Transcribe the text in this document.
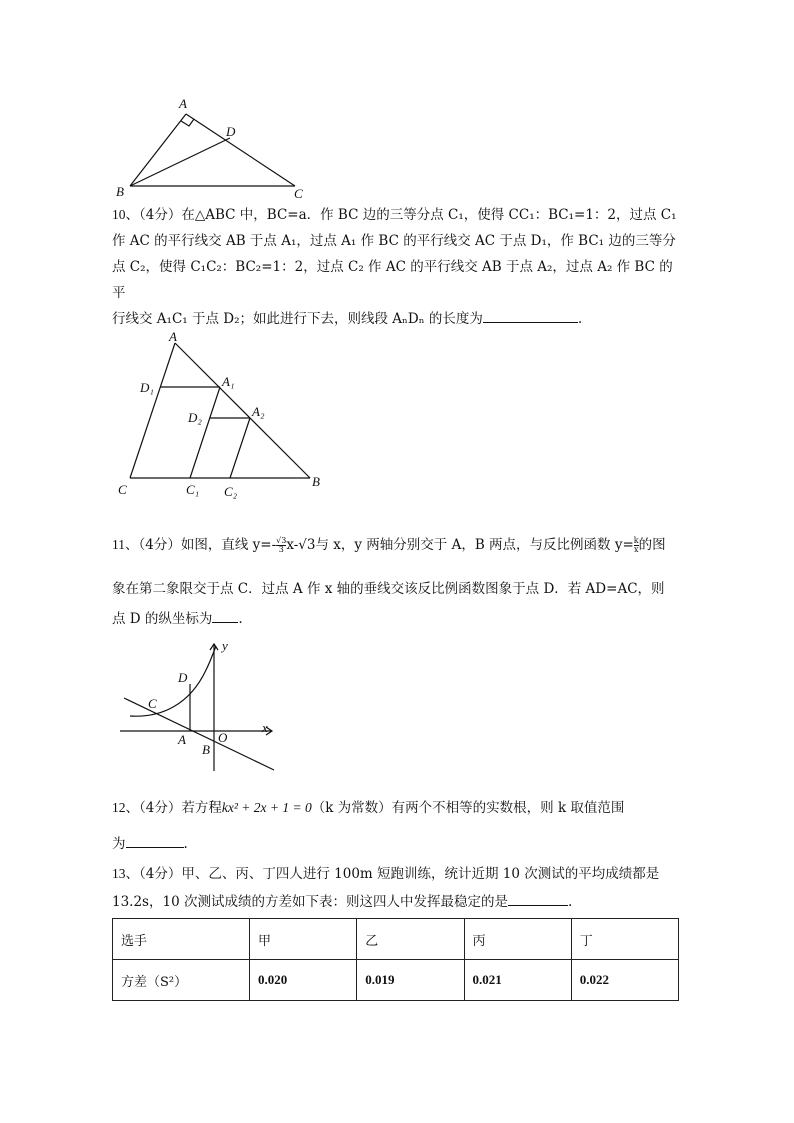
A
B	C
D
10、（4分）在△ABC 中，BC=a．作 BC 边的三等分点 C₁，使得 CC₁：BC₁=1：2，过点 C₁
作 AC 的平行线交 AB 于点 A₁，过点 A₁ 作 BC 的平行线交 AC 于点 D₁，作 BC₁ 边的三等分
点 C₂，使得 C₁C₂：BC₂=1：2，过点 C₂ 作 AC 的平行线交 AB 于点 A₂，过点 A₂ 作 BC 的平
行线交 A₁C₁ 于点 D₂；如此进行下去，则线段 AₙDₙ 的长度为	.
A
D₁	A₁
D₂	A₂
C	C₁ C₂
B
11、（4分）如图，直线 $y=- \frac{√3}{3} x-√3$与 x，y 两轴分别交于 A，B 两点，与反比例函数 $y= \frac{k}{x}$ 的图
象在第二象限交于点 C．过点 A 作 x 轴的垂线交该反比例函数图象于点 D．若 AD=AC，则
点 D 的纵坐标为 .
y
x
D
C
A O
B
12、（4分）若方程kx² + 2x + 1 = 0（k 为常数）有两个不相等的实数根，则 k 取值范围
为	.
13、（4分）甲、乙、丙、丁四人进行 100m 短跑训练，统计近期 10 次测试的平均成绩都是
13.2s，10 次测试成绩的方差如下表：则这四人中发挥最稳定的是	.
选手	甲	乙	丙	丁
方差（S²）	0.020	0.019	0.021	0.022
